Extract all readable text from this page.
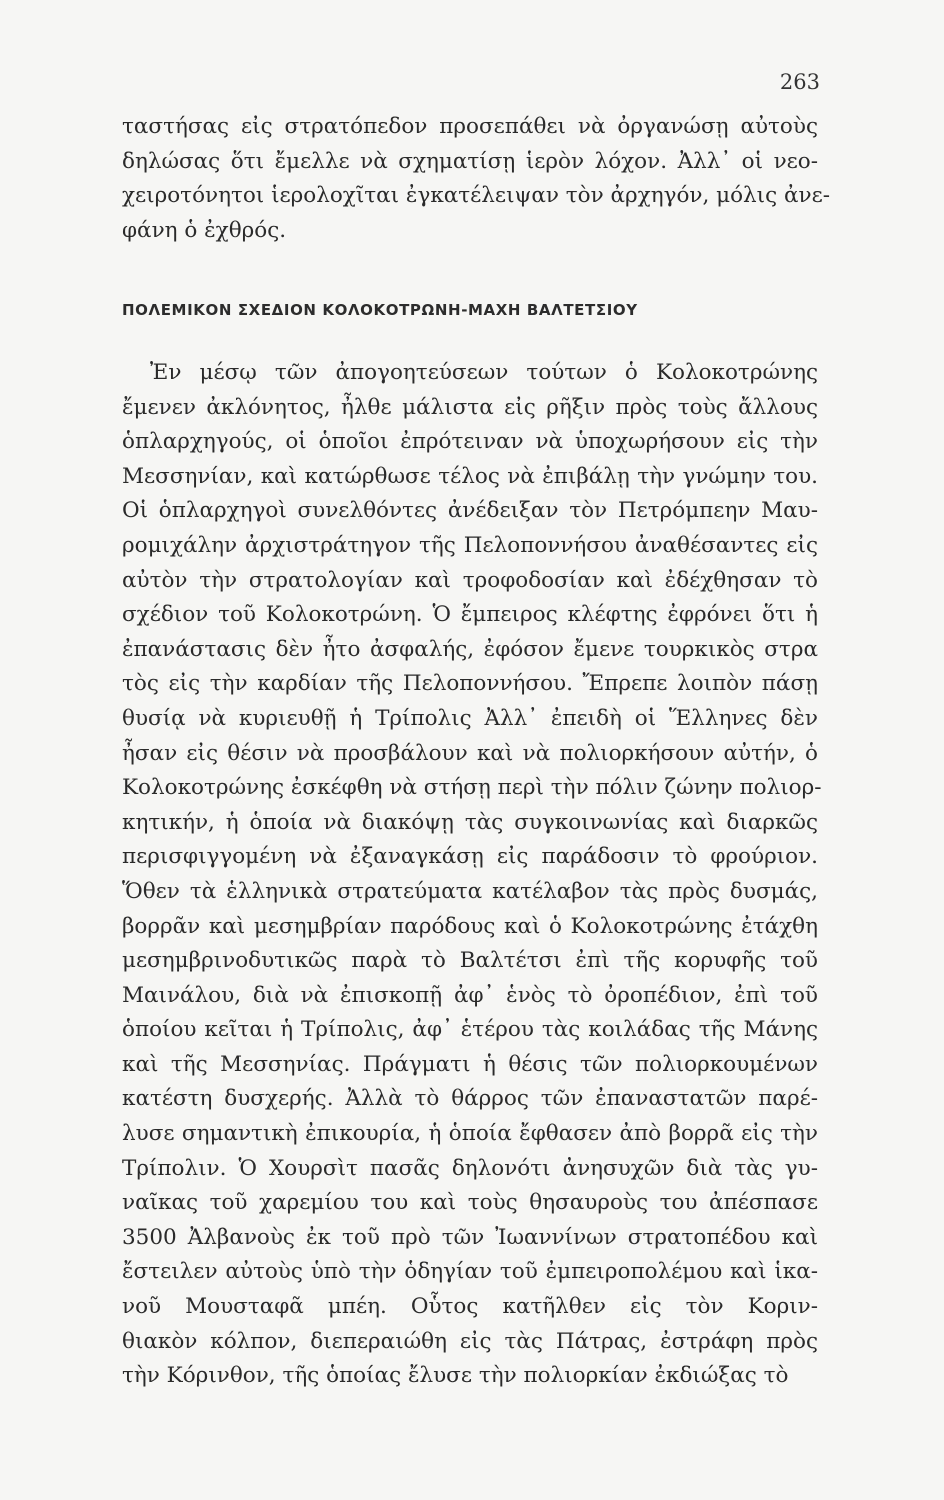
263
ταστήσας εἰς στρατόπεδον προσεπάθει νὰ ὀργανώσῃ αὐτοὺς
δηλώσας ὅτι ἔμελλε νὰ σχηματίσῃ ἱερὸν λόχον. Ἀλλ᾿ οἱ νεο-
χειροτόνητοι ἱερολοχῖται ἐγκατέλειψαν τὸν ἀρχηγόν, μόλις ἀνε-
φάνη ὁ ἐχθρός.
ΠΟΛΕΜΙΚΟΝ ΣΧΕΔΙΟΝ ΚΟΛΟΚΟΤΡΩΝΗ-ΜΑΧΗ ΒΑΛΤΕΤΣΙΟΥ
Ἐν μέσῳ τῶν ἀπογοητεύσεων τούτων ὁ Κολοκοτρώνης
ἔμενεν ἀκλόνητος, ἦλθε μάλιστα εἰς ρῆξιν πρὸς τοὺς ἄλλους
ὁπλαρχηγούς, οἱ ὁποῖοι ἐπρότειναν νὰ ὑποχωρήσουν εἰς τὴν
Μεσσηνίαν, καὶ κατώρθωσε τέλος νὰ ἐπιβάλῃ τὴν γνώμην του.
Οἱ ὁπλαρχηγοὶ συνελθόντες ἀνέδειξαν τὸν Πετρόμπεην Μαυ-
ρομιχάλην ἀρχιστράτηγον τῆς Πελοποννήσου ἀναθέσαντες εἰς
αὐτὸν τὴν στρατολογίαν καὶ τροφοδοσίαν καὶ ἐδέχθησαν τὸ
σχέδιον τοῦ Κολοκοτρώνη. Ὁ ἔμπειρος κλέφτης ἐφρόνει ὅτι ἡ
ἐπανάστασις δὲν ἦτο ἀσφαλής, ἐφόσον ἔμενε τουρκικὸς στρα
τὸς εἰς τὴν καρδίαν τῆς Πελοποννήσου. Ἔπρεπε λοιπὸν πάσῃ
θυσίᾳ νὰ κυριευθῇ ἡ Τρίπολις Ἀλλ᾿ ἐπειδὴ οἱ Ἕλληνες δὲν
ἦσαν εἰς θέσιν νὰ προσβάλουν καὶ νὰ πολιορκήσουν αὐτήν, ὁ
Κολοκοτρώνης ἐσκέφθη νὰ στήσῃ περὶ τὴν πόλιν ζώνην πολιορ-
κητικήν, ἡ ὁποία νὰ διακόψῃ τὰς συγκοινωνίας καὶ διαρκῶς
περισφιγγομένη νὰ ἐξαναγκάσῃ εἰς παράδοσιν τὸ φρούριον.
Ὅθεν τὰ ἑλληνικὰ στρατεύματα κατέλαβον τὰς πρὸς δυσμάς,
βορρᾶν καὶ μεσημβρίαν παρόδους καὶ ὁ Κολοκοτρώνης ἐτάχθη
μεσημβρινοδυτικῶς παρὰ τὸ Βαλτέτσι ἐπὶ τῆς κορυφῆς τοῦ
Μαινάλου, διὰ νὰ ἐπισκοπῇ ἀφ᾿ ἑνὸς τὸ ὀροπέδιον, ἐπὶ τοῦ
ὁποίου κεῖται ἡ Τρίπολις, ἀφ᾿ ἑτέρου τὰς κοιλάδας τῆς Μάνης
καὶ τῆς Μεσσηνίας. Πράγματι ἡ θέσις τῶν πολιορκουμένων
κατέστη δυσχερής. Ἀλλὰ τὸ θάρρος τῶν ἐπαναστατῶν παρέ-
λυσε σημαντικὴ ἐπικουρία, ἡ ὁποία ἔφθασεν ἀπὸ βορρᾶ εἰς τὴν
Τρίπολιν. Ὁ Χουρσὶτ πασᾶς δηλονότι ἀνησυχῶν διὰ τὰς γυ-
ναῖκας τοῦ χαρεμίου του καὶ τοὺς θησαυροὺς του ἀπέσπασε
3500 Ἀλβανοὺς ἐκ τοῦ πρὸ τῶν Ἰωαννίνων στρατοπέδου καὶ
ἔστειλεν αὐτοὺς ὑπὸ τὴν ὁδηγίαν τοῦ ἐμπειροπολέμου καὶ ἱκα-
νοῦ Μουσταφᾶ μπέη. Οὗτος κατῆλθεν εἰς τὸν Κοριν-
θιακὸν κόλπον, διεπεραιώθη εἰς τὰς Πάτρας, ἐστράφη πρὸς
τὴν Κόρινθον, τῆς ὁποίας ἔλυσε τὴν πολιορκίαν ἐκδιώξας τὸ
